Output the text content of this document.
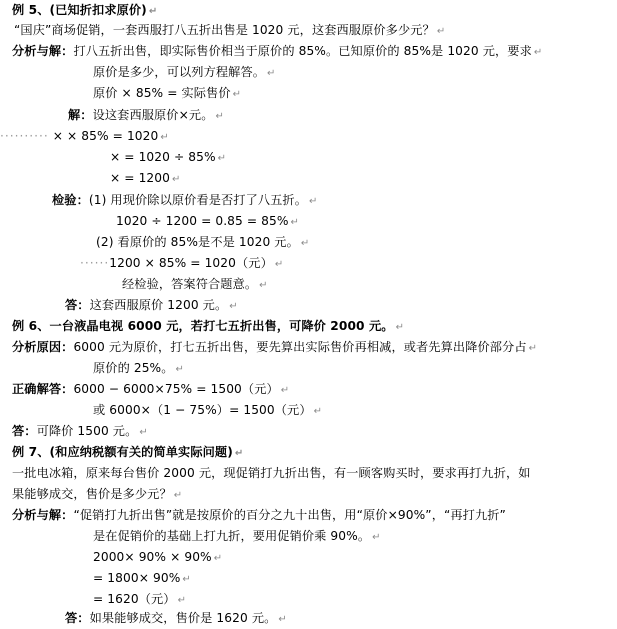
例 5、(已知折扣求原价) ↵
“国庆”商场促销，一套西服打八五折出售是 1020 元，这套西服原价多少元？ ↵
分析与解：打八五折出售，即实际售价相当于原价的 85%。已知原价的 85%是 1020 元，要求 ↵
原价是多少，可以列方程解答。 ↵
原价 × 85% = 实际售价 ↵
解：设这套西服原价×元。 ↵
·········· × × 85% = 1020 ↵
× = 1020 ÷ 85% ↵
× = 1200 ↵
检验：(1) 用现价除以原价看是否打了八五折。 ↵
1020 ÷ 1200 = 0.85 = 85% ↵
(2) 看原价的 85%是不是 1020 元。 ↵
······1200 × 85% = 1020（元） ↵
经检验，答案符合题意。 ↵
答：这套西服原价 1200 元。 ↵
例 6、一台液晶电视 6000 元，若打七五折出售，可降价 2000 元。 ↵
分析原因：6000 元为原价，打七五折出售，要先算出实际售价再相减，或者先算出降价部分占 ↵
原价的 25%。 ↵
正确解答：6000 − 6000×75% = 1500（元） ↵
或 6000×（1 − 75%）= 1500（元） ↵
答：可降价 1500 元。 ↵
例 7、(和应纳税额有关的简单实际问题) ↵
一批电冰箱，原来每台售价 2000 元，现促销打九折出售，有一顾客购买时，要求再打九折，如
果能够成交，售价是多少元？ ↵
分析与解：“促销打九折出售”就是按原价的百分之九十出售，用“原价×90%”，“再打九折”
是在促销价的基础上打九折，要用促销价乘 90%。 ↵
2000× 90% × 90% ↵
= 1800× 90% ↵
= 1620（元） ↵
答：如果能够成交，售价是 1620 元。 ↵
